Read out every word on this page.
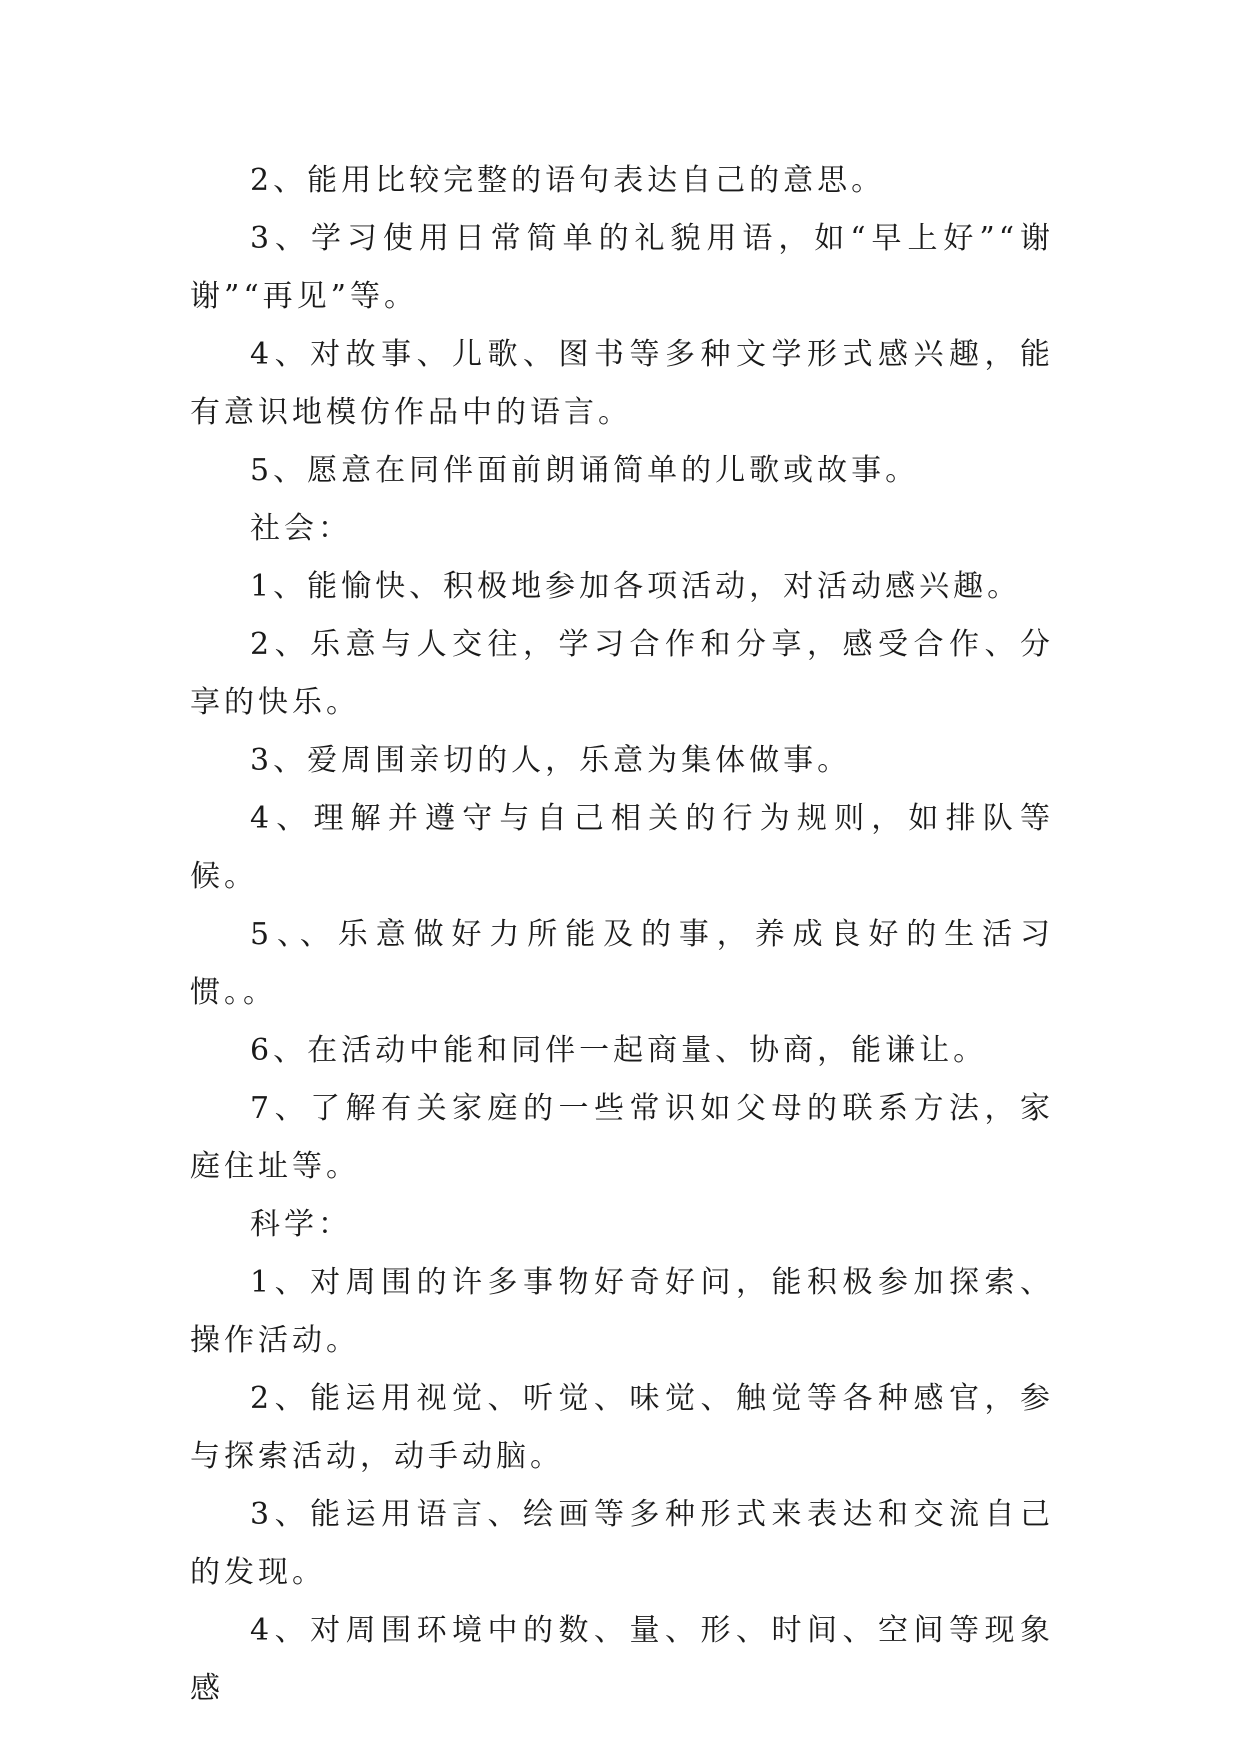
2、能用比较完整的语句表达自己的意思。

3、学习使用日常简单的礼貌用语，如“早上好”“谢谢”“再见”等。

4、对故事、儿歌、图书等多种文学形式感兴趣，能有意识地模仿作品中的语言。

5、愿意在同伴面前朗诵简单的儿歌或故事。

社会：

1、能愉快、积极地参加各项活动，对活动感兴趣。

2、乐意与人交往，学习合作和分享，感受合作、分享的快乐。

3、爱周围亲切的人，乐意为集体做事。

4、理解并遵守与自己相关的行为规则，如排队等候。

5、、乐意做好力所能及的事，养成良好的生活习惯。。

6、在活动中能和同伴一起商量、协商，能谦让。

7、了解有关家庭的一些常识如父母的联系方法，家庭住址等。

科学：

1、对周围的许多事物好奇好问，能积极参加探索、操作活动。

2、能运用视觉、听觉、味觉、触觉等各种感官，参与探索活动，动手动脑。

3、能运用语言、绘画等多种形式来表达和交流自己的发现。

4、对周围环境中的数、量、形、时间、空间等现象感
